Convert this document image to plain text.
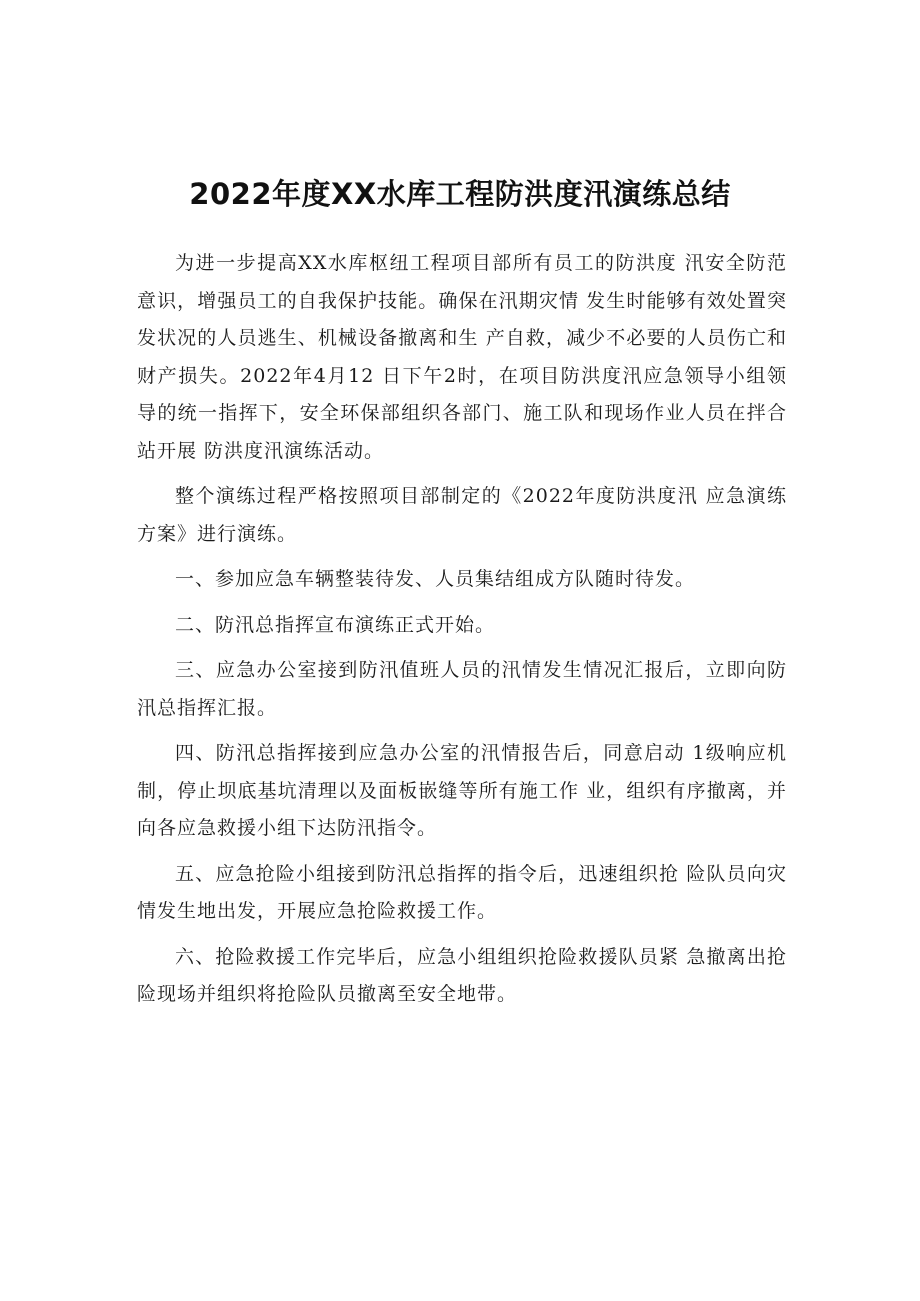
2022年度XX水库工程防洪度汛演练总结

为进一步提高XX水库枢纽工程项目部所有员工的防洪度 汛安全防范意识，增强员工的自我保护技能。确保在汛期灾情 发生时能够有效处置突发状况的人员逃生、机械设备撤离和生 产自救，减少不必要的人员伤亡和财产损失。2022年4月12 日下午2时，在项目防洪度汛应急领导小组领导的统一指挥下，安全环保部组织各部门、施工队和现场作业人员在拌合站开展 防洪度汛演练活动。

整个演练过程严格按照项目部制定的《2022年度防洪度汛 应急演练方案》进行演练。

一、参加应急车辆整装待发、人员集结组成方队随时待发。

二、防汛总指挥宣布演练正式开始。

三、应急办公室接到防汛值班人员的汛情发生情况汇报后，立即向防汛总指挥汇报。

四、防汛总指挥接到应急办公室的汛情报告后，同意启动 1级响应机制，停止坝底基坑清理以及面板嵌缝等所有施工作 业，组织有序撤离，并向各应急救援小组下达防汛指令。

五、应急抢险小组接到防汛总指挥的指令后，迅速组织抢 险队员向灾情发生地出发，开展应急抢险救援工作。

六、抢险救援工作完毕后，应急小组组织抢险救援队员紧 急撤离出抢险现场并组织将抢险队员撤离至安全地带。
